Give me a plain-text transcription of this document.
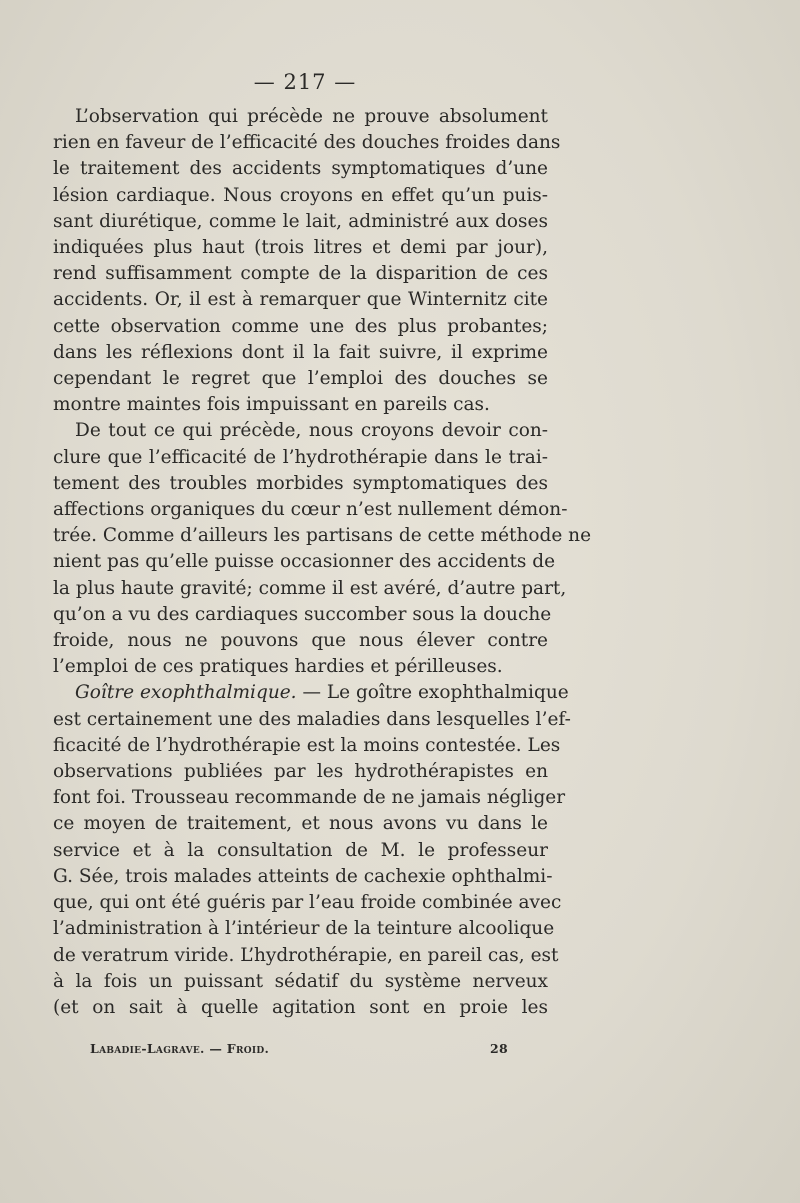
— 217 —
L’observation qui précède ne prouve absolument
rien en faveur de l’efficacité des douches froides dans
le traitement des accidents symptomatiques d’une
lésion cardiaque. Nous croyons en effet qu’un puis-
sant diurétique, comme le lait, administré aux doses
indiquées plus haut (trois litres et demi par jour),
rend suffisamment compte de la disparition de ces
accidents. Or, il est à remarquer que Winternitz cite
cette observation comme une des plus probantes;
dans les réflexions dont il la fait suivre, il exprime
cependant le regret que l’emploi des douches se
montre maintes fois impuissant en pareils cas.
De tout ce qui précède, nous croyons devoir con-
clure que l’efficacité de l’hydrothérapie dans le trai-
tement des troubles morbides symptomatiques des
affections organiques du cœur n’est nullement démon-
trée. Comme d’ailleurs les partisans de cette méthode ne
nient pas qu’elle puisse occasionner des accidents de
la plus haute gravité; comme il est avéré, d’autre part,
qu’on a vu des cardiaques succomber sous la douche
froide, nous ne pouvons que nous élever contre
l’emploi de ces pratiques hardies et périlleuses.
Goître exophthalmique. — Le goître exophthalmique
est certainement une des maladies dans lesquelles l’ef-
ficacité de l’hydrothérapie est la moins contestée. Les
observations publiées par les hydrothérapistes en
font foi. Trousseau recommande de ne jamais négliger
ce moyen de traitement, et nous avons vu dans le
service et à la consultation de M. le professeur
G. Sée, trois malades atteints de cachexie ophthalmi-
que, qui ont été guéris par l’eau froide combinée avec
l’administration à l’intérieur de la teinture alcoolique
de veratrum viride. L’hydrothérapie, en pareil cas, est
à la fois un puissant sédatif du système nerveux
(et on sait à quelle agitation sont en proie les
Labadie-Lagrave. — Froid.	28
